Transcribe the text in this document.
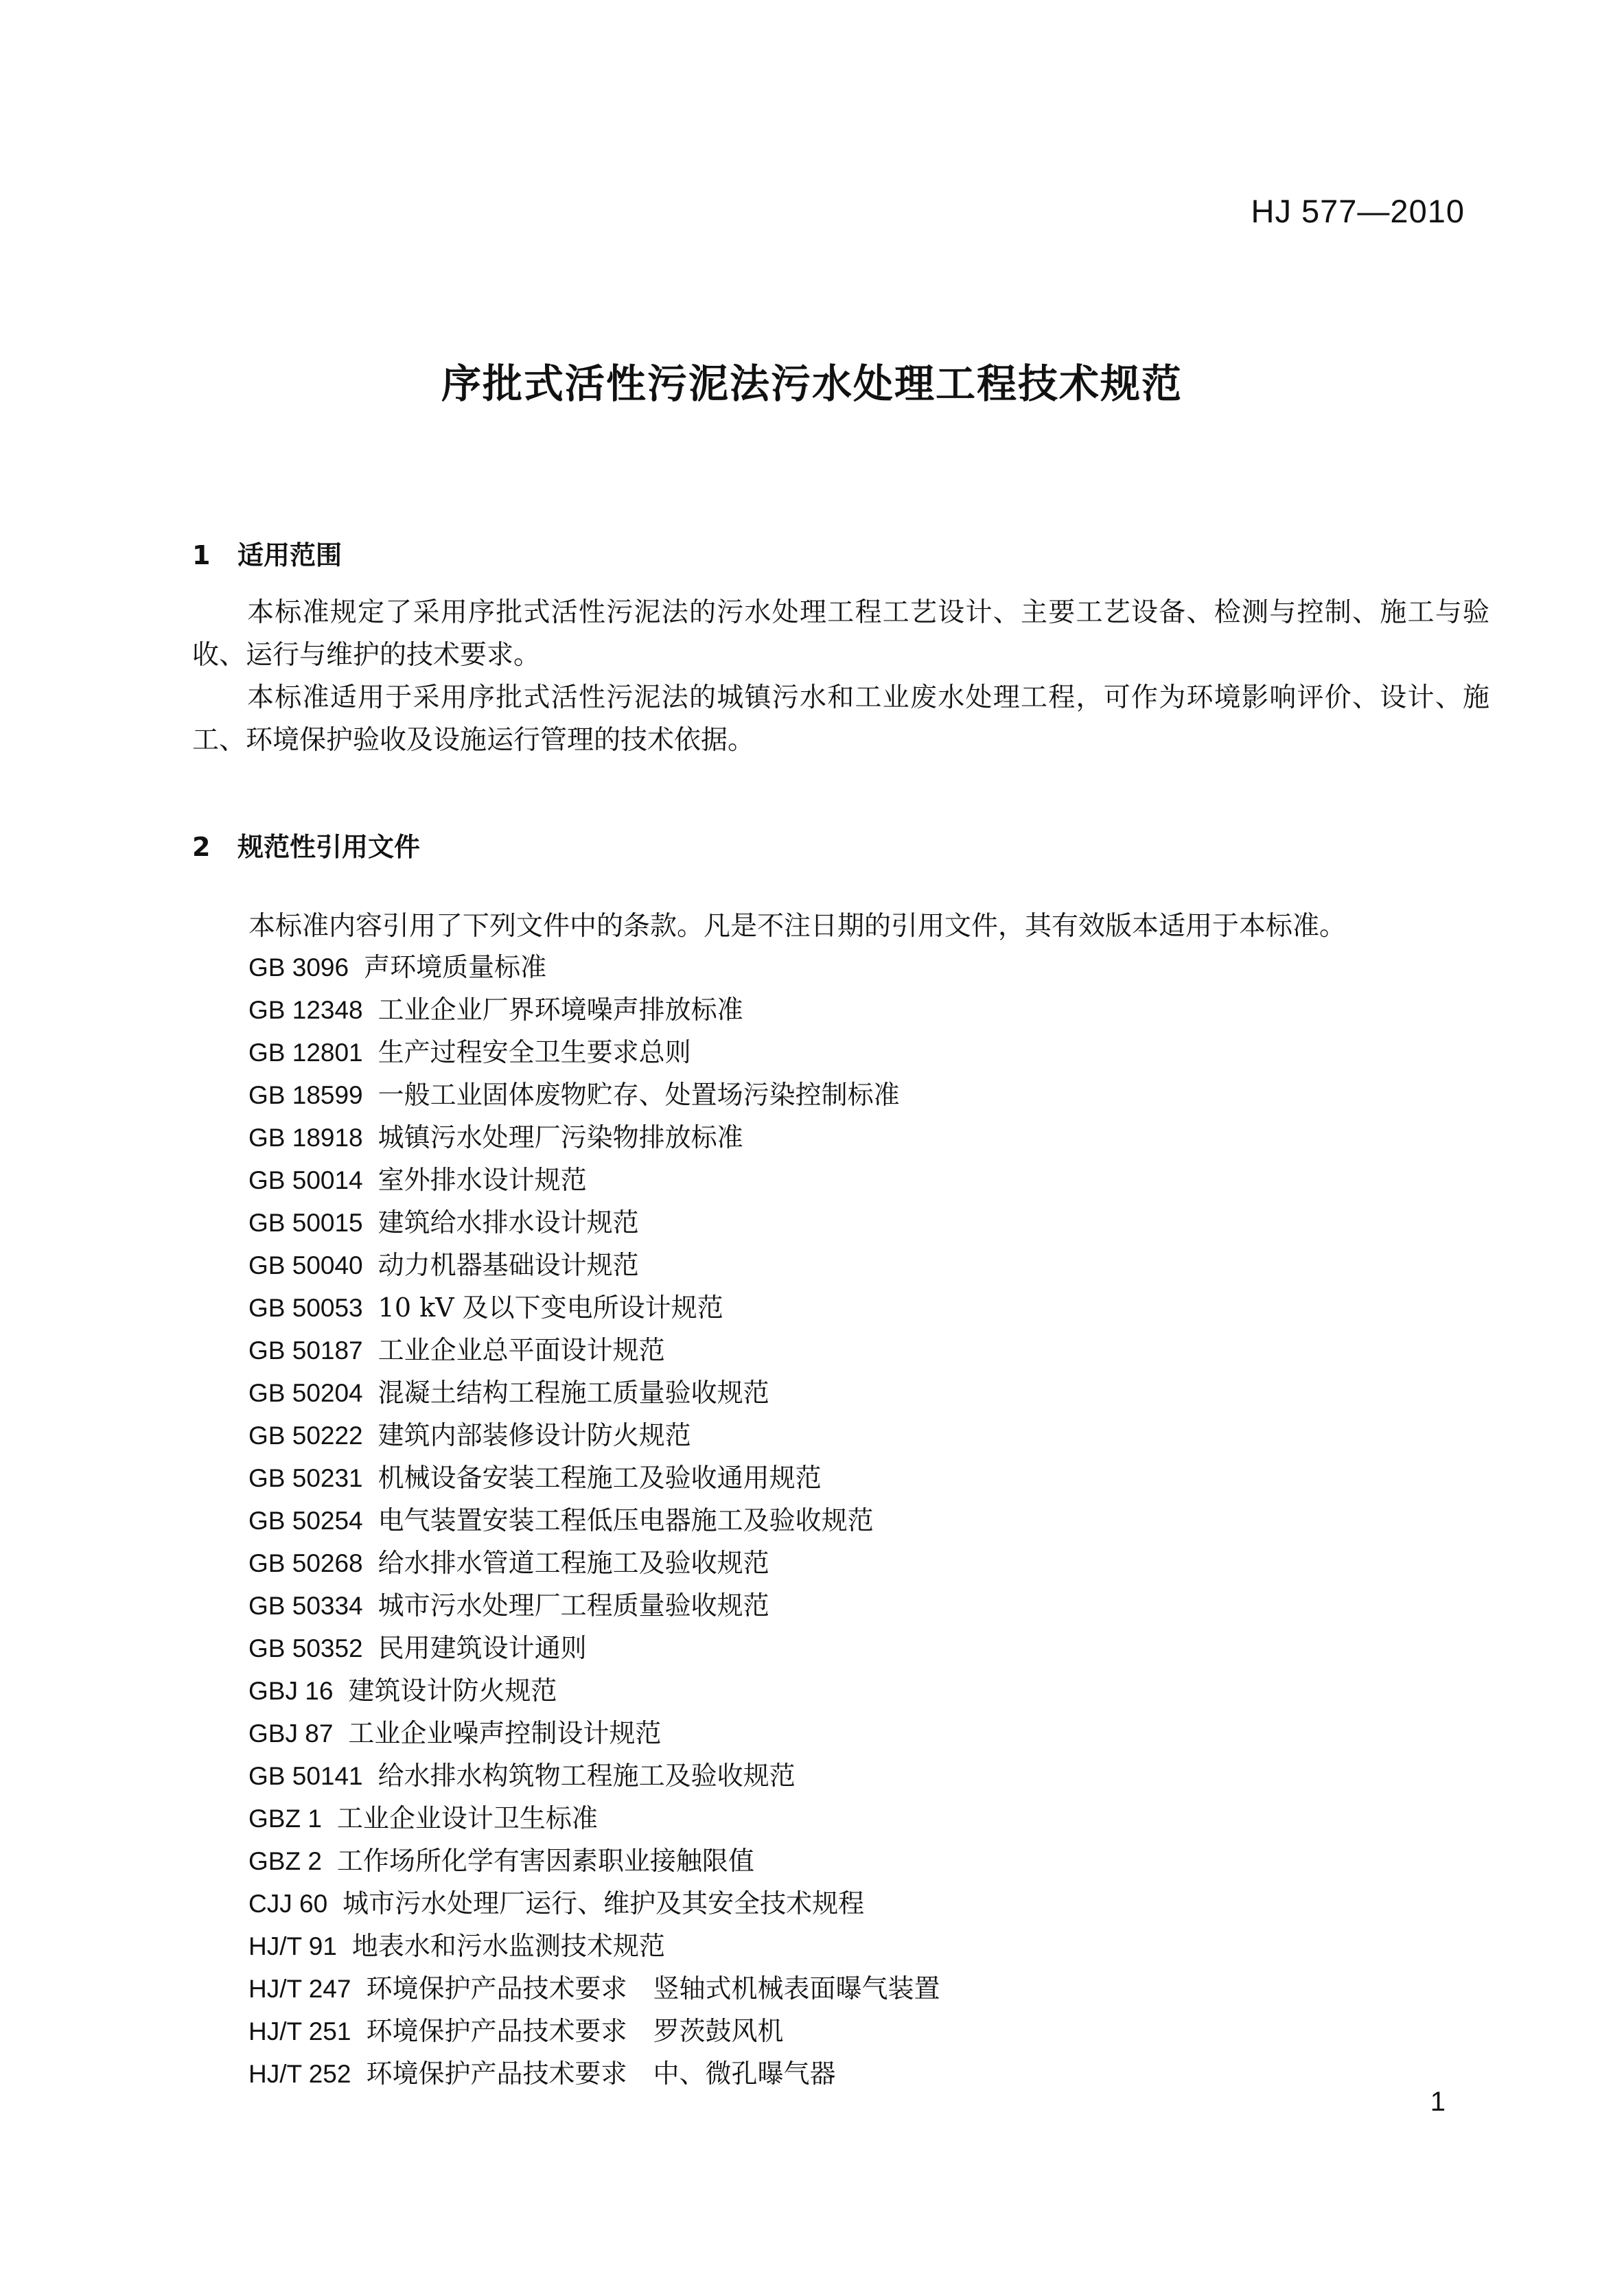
HJ 577—2010
序批式活性污泥法污水处理工程技术规范
1 适用范围

本标准规定了采用序批式活性污泥法的污水处理工程工艺设计、主要工艺设备、检测与控制、施工与验收、运行与维护的技术要求。

本标准适用于采用序批式活性污泥法的城镇污水和工业废水处理工程，可作为环境影响评价、设计、施工、环境保护验收及设施运行管理的技术依据。

2 规范性引用文件
本标准内容引用了下列文件中的条款。凡是不注日期的引用文件，其有效版本适用于本标准。
GB 3096 声环境质量标准
GB 12348 工业企业厂界环境噪声排放标准
GB 12801 生产过程安全卫生要求总则
GB 18599 一般工业固体废物贮存、处置场污染控制标准
GB 18918 城镇污水处理厂污染物排放标准
GB 50014 室外排水设计规范
GB 50015 建筑给水排水设计规范
GB 50040 动力机器基础设计规范
GB 50053 10 kV 及以下变电所设计规范
GB 50187 工业企业总平面设计规范
GB 50204 混凝土结构工程施工质量验收规范
GB 50222 建筑内部装修设计防火规范
GB 50231 机械设备安装工程施工及验收通用规范
GB 50254 电气装置安装工程低压电器施工及验收规范
GB 50268 给水排水管道工程施工及验收规范
GB 50334 城市污水处理厂工程质量验收规范
GB 50352 民用建筑设计通则
GBJ 16 建筑设计防火规范
GBJ 87 工业企业噪声控制设计规范
GB 50141 给水排水构筑物工程施工及验收规范
GBZ 1 工业企业设计卫生标准
GBZ 2 工作场所化学有害因素职业接触限值
CJJ 60 城市污水处理厂运行、维护及其安全技术规程
HJ/T 91 地表水和污水监测技术规范
HJ/T 247 环境保护产品技术要求　竖轴式机械表面曝气装置
HJ/T 251 环境保护产品技术要求　罗茨鼓风机
HJ/T 252 环境保护产品技术要求　中、微孔曝气器
1
